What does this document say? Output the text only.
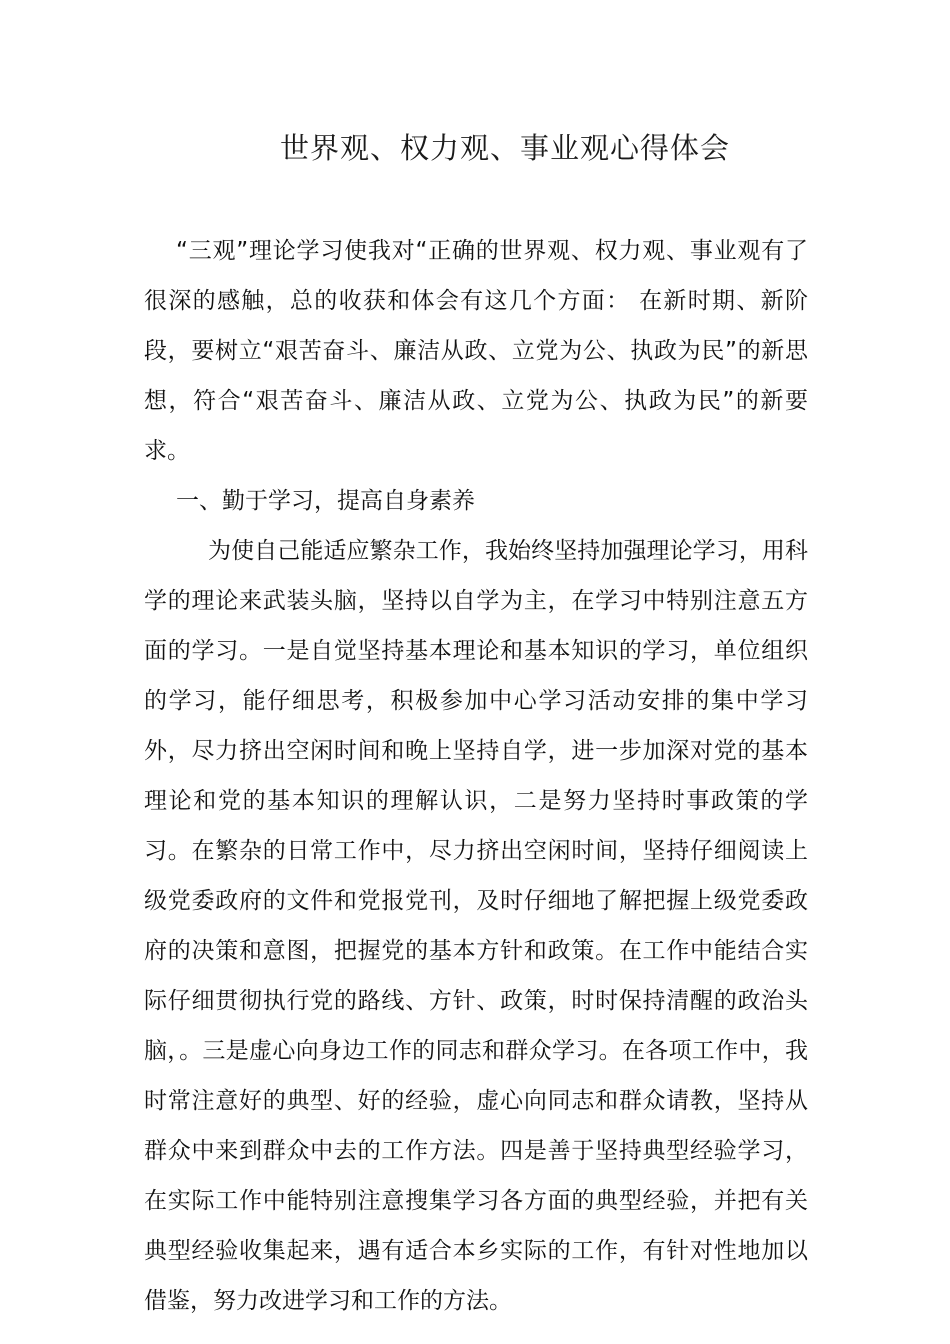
世界观、权力观、事业观心得体会

“三观”理论学习使我对“正确的世界观、权力观、事业观有了很深的感触，总的收获和体会有这几个方面： 在新时期、新阶段，要树立“艰苦奋斗、廉洁从政、立党为公、执政为民”的新思想，符合“艰苦奋斗、廉洁从政、立党为公、执政为民”的新要求。

一、勤于学习，提高自身素养

为使自己能适应繁杂工作，我始终坚持加强理论学习，用科学的理论来武装头脑，坚持以自学为主，在学习中特别注意五方面的学习。一是自觉坚持基本理论和基本知识的学习，单位组织的学习，能仔细思考，积极参加中心学习活动安排的集中学习外，尽力挤出空闲时间和晚上坚持自学，进一步加深对党的基本理论和党的基本知识的理解认识，二是努力坚持时事政策的学习。在繁杂的日常工作中，尽力挤出空闲时间，坚持仔细阅读上级党委政府的文件和党报党刊，及时仔细地了解把握上级党委政府的决策和意图，把握党的基本方针和政策。在工作中能结合实际仔细贯彻执行党的路线、方针、政策，时时保持清醒的政治头脑，。三是虚心向身边工作的同志和群众学习。在各项工作中，我时常注意好的典型、好的经验，虚心向同志和群众请教，坚持从群众中来到群众中去的工作方法。四是善于坚持典型经验学习，在实际工作中能特别注意搜集学习各方面的典型经验，并把有关典型经验收集起来，遇有适合本乡实际的工作，有针对性地加以借鉴，努力改进学习和工作的方法。
